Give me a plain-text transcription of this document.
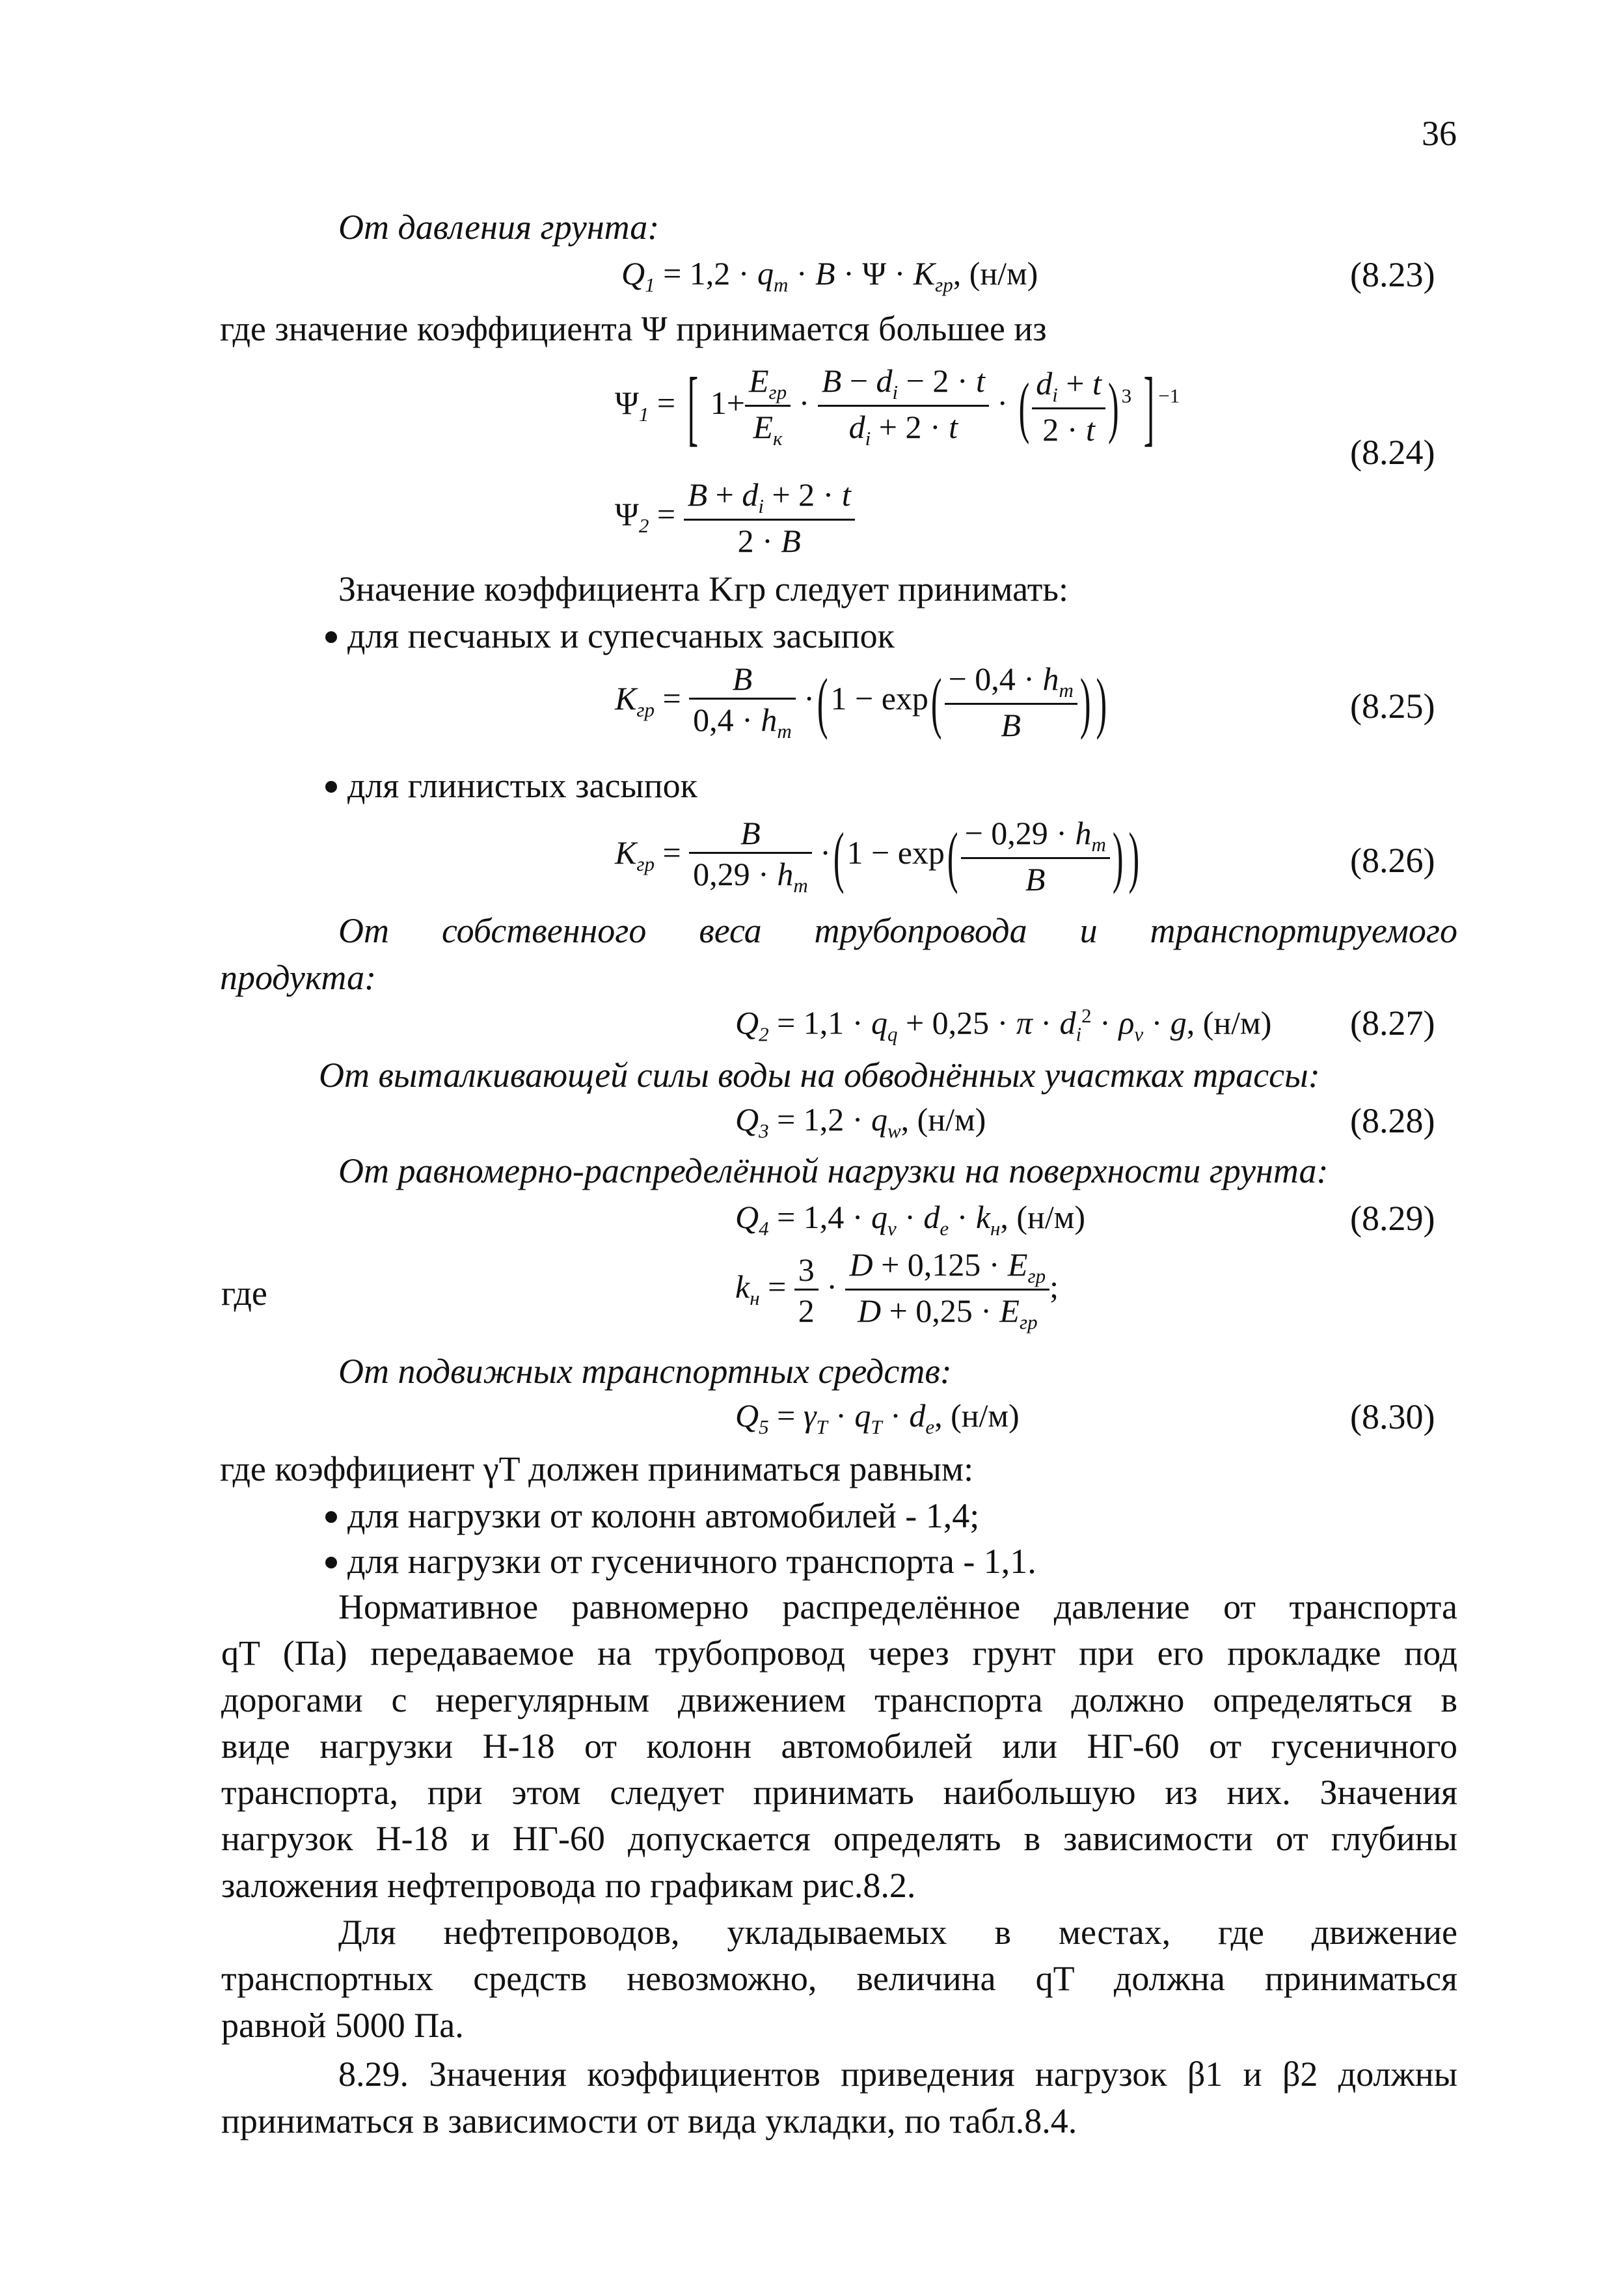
36
От давления грунта:
$Q_1 = 1,2 \cdot q_m \cdot B \cdot \Psi \cdot K_{гр}$, (н/м)	(8.23)
где значение коэффициента Ψ принимается большее из
$\Psi_1$ = [ $1+ \frac{E_{гр}}{E_к} \cdot \frac{B - d_i - 2 \cdot t}{d_i + 2 \cdot t}$ · ( $\frac{d_i + t}{2 \cdot t}$ ) $^3$ ] $^{-1}$
(8.24)
$\Psi_2 = \frac{B + d_i + 2 \cdot t}{2 \cdot B}$
Значение коэффициента Kгр следует принимать:
для песчаных и супесчаных засыпок
$K_{гр} = \frac{B}{0,4 \cdot h_m} \cdot(1 - \exp( \frac{- 0,4 \cdot h_m}{B}$ ) )	(8.25)
для глинистых засыпок
$K_{гр} = \frac{B}{0,29 \cdot h_m} \cdot(1 - \exp( \frac{- 0,29 \cdot h_m}{B}$ ) )	(8.26)
От собственного веса трубопровода и транспортируемого
продукта:
$Q_2 = 1,1 \cdot q_q + 0,25 \cdot \pi \cdot d_i^2 \cdot \rho_v \cdot g$, (н/м) (8.27)
От выталкивающей силы воды на обводнённых участках трассы:
$Q_3 = 1,2 \cdot q_w$, (н/м)	(8.28)
От равномерно-распределённой нагрузки на поверхности грунта:
$Q_4 = 1,4 \cdot q_v \cdot d_e \cdot k_н$, (н/м)	(8.29)
где	$k_н = \frac{3}{2} \cdot \frac{D + 0,125 \cdot E_{гр}}{D + 0,25 \cdot E_{гр}}$ ;
От подвижных транспортных средств:
$Q_5 = \gamma_T \cdot q_T \cdot d_e$, (н/м)	(8.30)
где коэффициент γT должен приниматься равным:
для нагрузки от колонн автомобилей - 1,4;
для нагрузки от гусеничного транспорта - 1,1.
Нормативное равномерно распределённое давление от транспорта
qT (Па) передаваемое на трубопровод через грунт при его прокладке под
дорогами с нерегулярным движением транспорта должно определяться в
виде нагрузки Н-18 от колонн автомобилей или НГ-60 от гусеничного
транспорта, при этом следует принимать наибольшую из них. Значения
нагрузок Н-18 и НГ-60 допускается определять в зависимости от глубины
заложения нефтепровода по графикам рис.8.2.
Для нефтепроводов, укладываемых в местах, где движение
транспортных средств невозможно, величина qT должна приниматься
равной 5000 Па.
8.29. Значения коэффициентов приведения нагрузок β1 и β2 должны
приниматься в зависимости от вида укладки, по табл.8.4.
